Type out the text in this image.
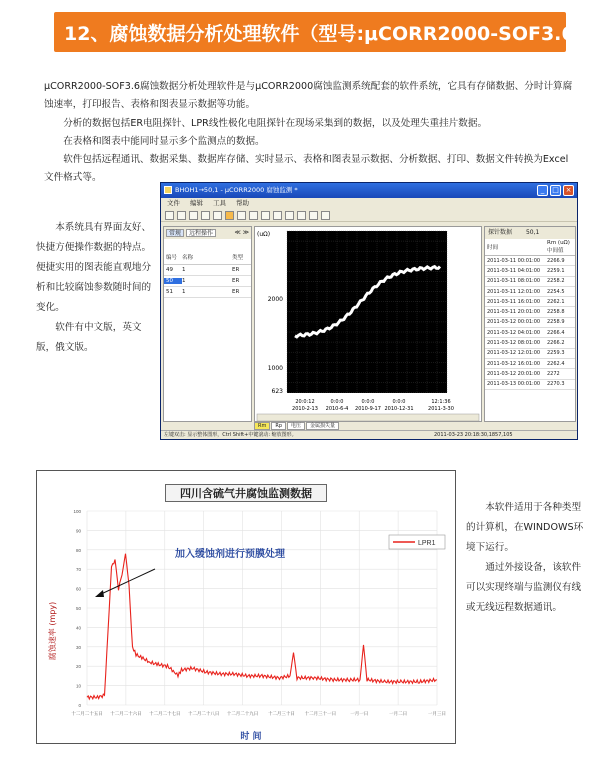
12、腐蚀数据分析处理软件（型号:μCORR2000-SOF3.6）

μCORR2000-SOF3.6腐蚀数据分析处理软件是与μCORR2000腐蚀监测系统配套的软件系统，它具有存储数据、分时计算腐蚀速率，打印报告、表格和图表显示数据等功能。

分析的数据包括ER电阻探针、LPR线性极化电阻探针在现场采集到的数据，以及处理失重挂片数据。

在表格和图表中能同时显示多个监测点的数据。

软件包括远程通讯、数据采集、数据库存储、实时显示、表格和图表显示数据、分析数据、打印、数据文件转换为Excel文件格式等。

BHOH1→50,1 - μCORR2000 腐蚀监测 *	_	□ ×
文件 编辑 工具 帮助
常规	远程操作	≪ ≫
编号 名称	类型
49	1	ER
50	1	ER
51	1	ER
(uΩ)
2000
1000
623
20:0:12
2010-2-13
0:0:0
2010-6-4
0:0:0
2010-9-17
0:0:0
2010-12-31
12:1:36
2011-3-30
Rm	Rp	电压	金属损失量
探针数据 50,1
时间
Rm (uΩ)中间值
2011-03-11 00:01:00	2266.9
2011-03-11 04:01:00	2259.1
2011-03-11 08:01:00	2258.2
2011-03-11 12:01:00	2254.5
2011-03-11 16:01:00	2262.1
2011-03-11 20:01:00	2258.8
2011-03-12 00:01:00	2258.9
2011-03-12 04:01:00	2266.4
2011-03-12 08:01:00	2266.2
2011-03-12 12:01:00	2259.3
2011-03-12 16:01:00	2262.4
2011-03-12 20:01:00	2272
2011-03-13 00:01:00	2270.3
左键双击: 显示整体图形，Ctrl Shift+中键滚动: 缩放图形。	2011-03-23 20:18:30,1857,105

本系统具有界面友好、快捷方便操作数据的特点。便捷实用的图表能直观地分析和比较腐蚀参数随时间的变化。

软件有中文版，英文版，俄文版。

四川含硫气井腐蚀监测数据
0
10
20
30
40
50
60
70
80
90
100
十二月二十五日 十二月二十六日 十二月二十七日 十二月二十八日 十二月二十九日 十二月三十日 十二月三十一日	一月一日	一月二日	一月三日
LPR1
加入缓蚀剂进行预膜处理
腐蚀速率 (mpy)
时 间

本软件适用于各种类型的计算机，在WINDOWS环境下运行。

通过外接设备，该软件可以实现终端与监测仪有线或无线远程数据通讯。
